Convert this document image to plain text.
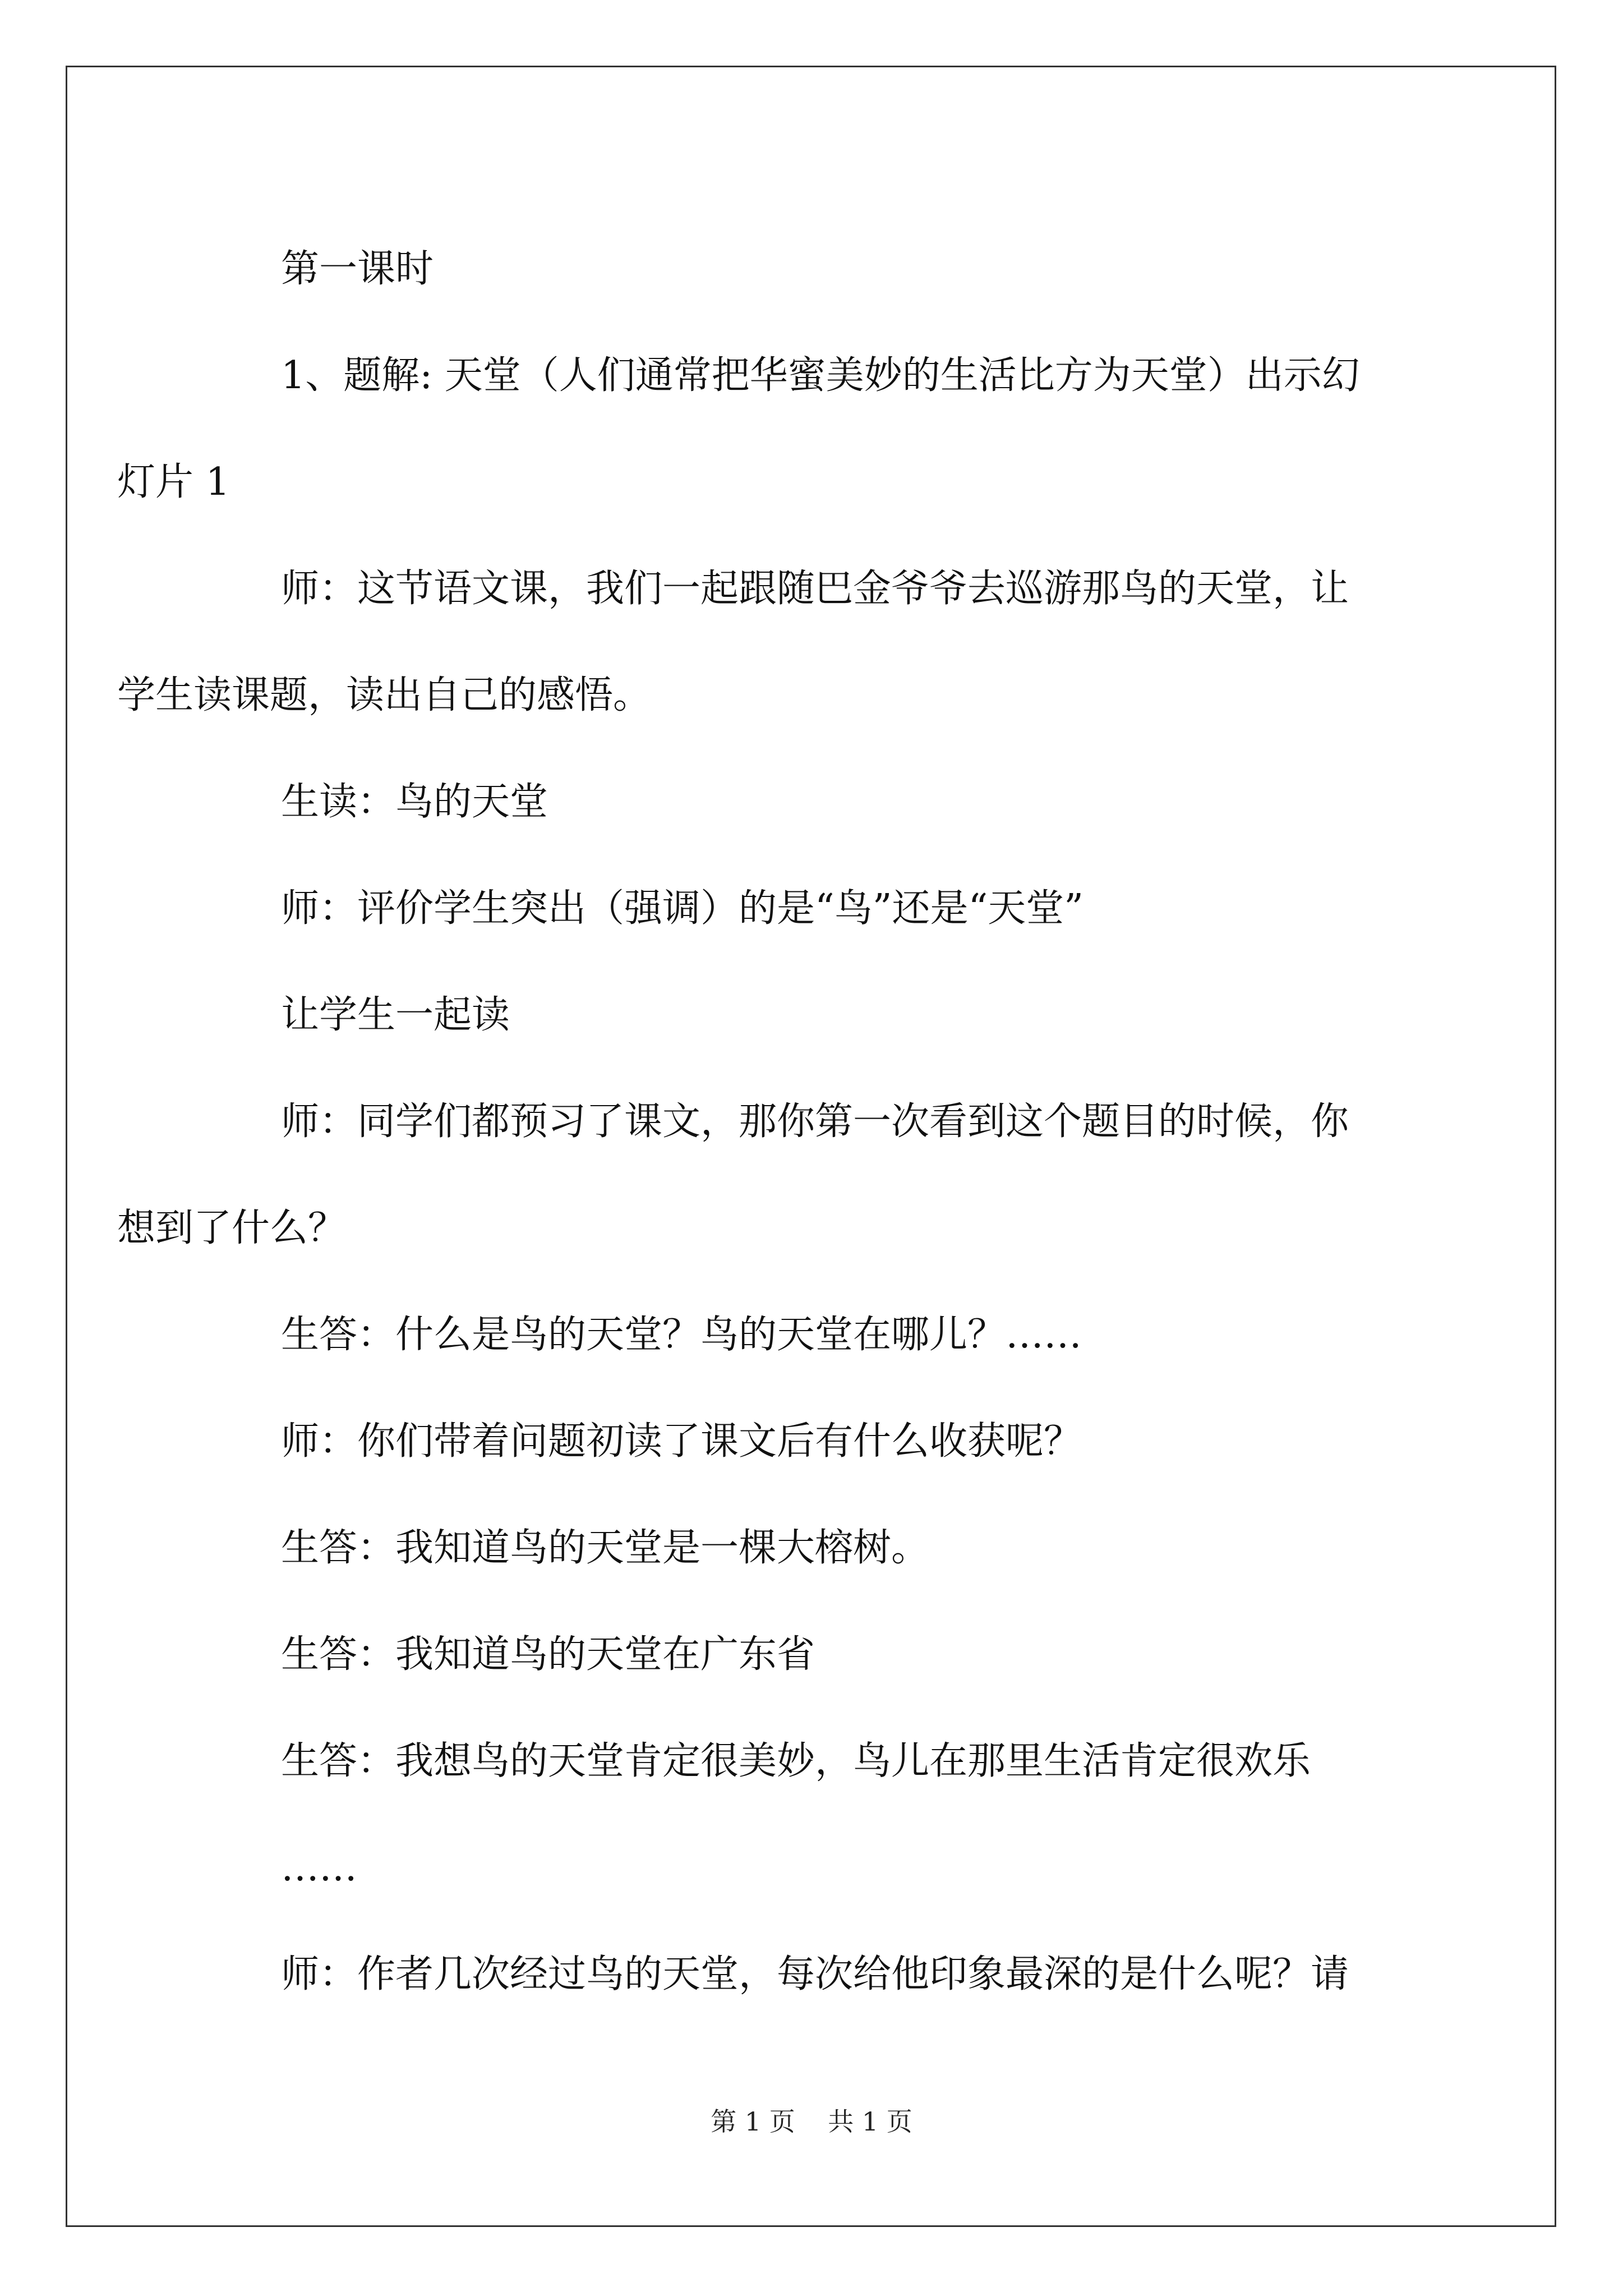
第一课时

1、题解: 天堂（人们通常把华蜜美妙的生活比方为天堂）出示幻
灯片 1

师：这节语文课，我们一起跟随巴金爷爷去巡游那鸟的天堂，让
学生读课题，读出自己的感悟。

生读：鸟的天堂

师：评价学生突出（强调）的是“鸟”还是“天堂”

让学生一起读

师：同学们都预习了课文，那你第一次看到这个题目的时候，你
想到了什么？

生答：什么是鸟的天堂？鸟的天堂在哪儿？……

师：你们带着问题初读了课文后有什么收获呢？

生答：我知道鸟的天堂是一棵大榕树。

生答：我知道鸟的天堂在广东省

生答：我想鸟的天堂肯定很美妙，鸟儿在那里生活肯定很欢乐

……

师：作者几次经过鸟的天堂，每次给他印象最深的是什么呢？请

第 1 页    共 1 页
